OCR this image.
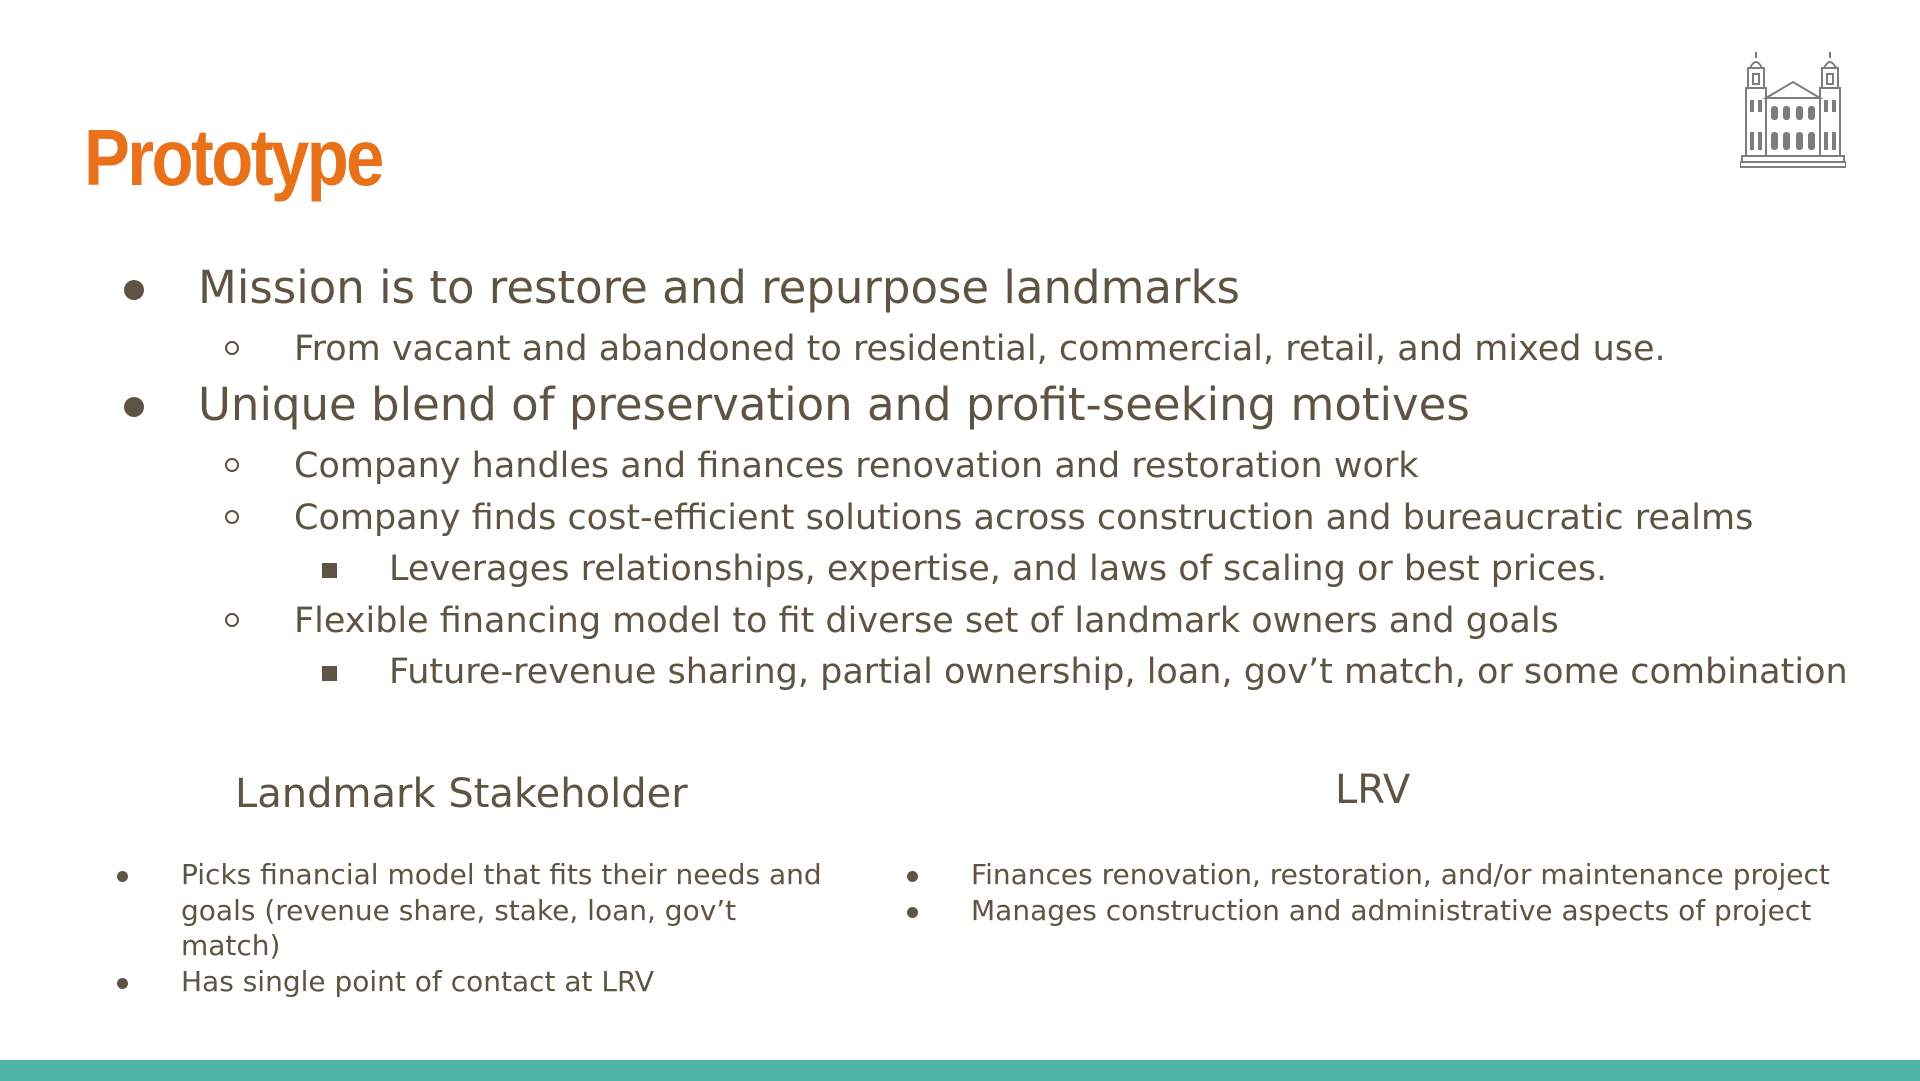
Prototype
Mission is to restore and repurpose landmarks
From vacant and abandoned to residential, commercial, retail, and mixed use.
Unique blend of preservation and profit-seeking motives
Company handles and finances renovation and restoration work
Company finds cost-efficient solutions across construction and bureaucratic realms
Leverages relationships, expertise, and laws of scaling or best prices.
Flexible financing model to fit diverse set of landmark owners and goals
Future-revenue sharing, partial ownership, loan, gov’t match, or some combination
Landmark Stakeholder	LRV
Picks financial model that fits their needs and goals (revenue share, stake, loan, gov’t match)
Has single point of contact at LRV
Finances renovation, restoration, and/or maintenance project
Manages construction and administrative aspects of project
